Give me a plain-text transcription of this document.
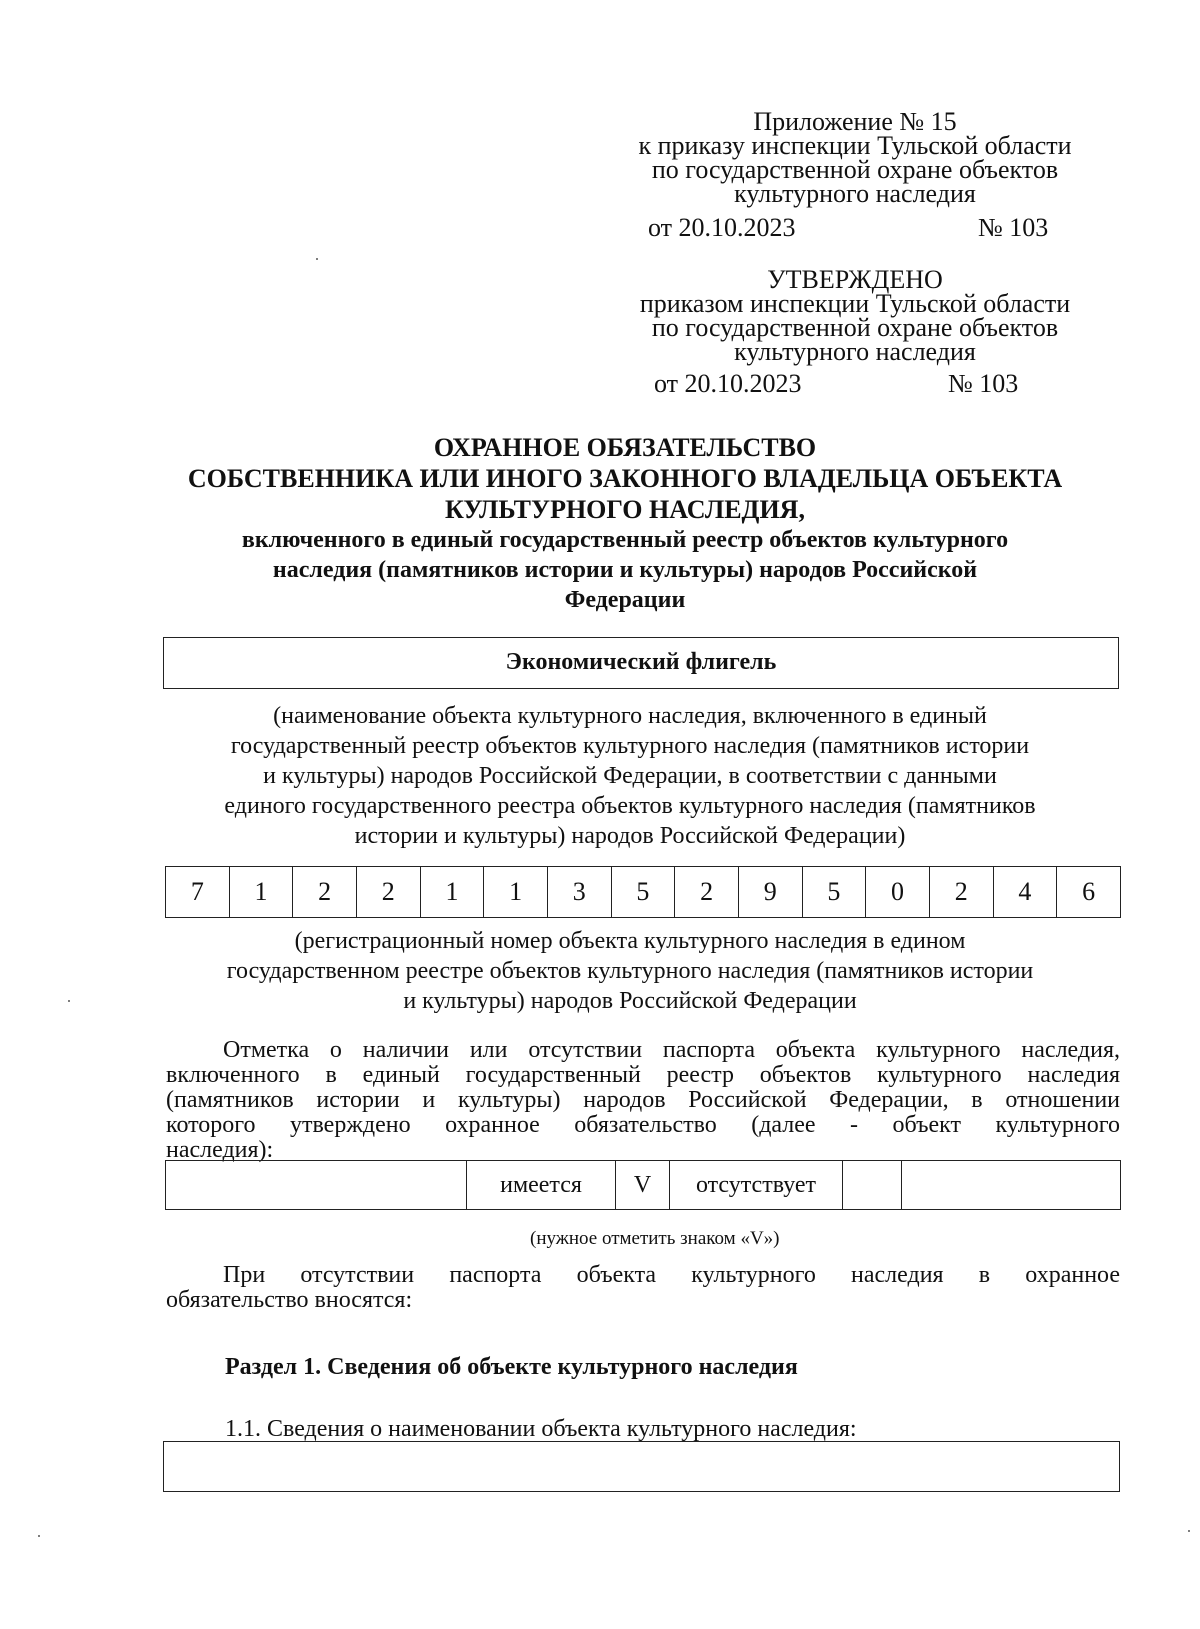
Приложение № 15
к приказу инспекции Тульской области
по государственной охране объектов
культурного наследия
от 20.10.2023	№ 103
УТВЕРЖДЕНО
приказом инспекции Тульской области
по государственной охране объектов
культурного наследия
от 20.10.2023	№ 103
ОХРАННОЕ ОБЯЗАТЕЛЬСТВО
СОБСТВЕННИКА ИЛИ ИНОГО ЗАКОННОГО ВЛАДЕЛЬЦА ОБЪЕКТА
КУЛЬТУРНОГО НАСЛЕДИЯ,
включенного в единый государственный реестр объектов культурного
наследия (памятников истории и культуры) народов Российской
Федерации
Экономический флигель
(наименование объекта культурного наследия, включенного в единый
государственный реестр объектов культурного наследия (памятников истории
и культуры) народов Российской Федерации, в соответствии с данными
единого государственного реестра объектов культурного наследия (памятников
истории и культуры) народов Российской Федерации)
7	1	2	2	1	1	3	5	2	9	5	0	2	4	6
(регистрационный номер объекта культурного наследия в едином
государственном реестре объектов культурного наследия (памятников истории
и культуры) народов Российской Федерации
Отметка о наличии или отсутствии паспорта объекта культурного наследия,
включенного в единый государственный реестр объектов культурного наследия
(памятников истории и культуры) народов Российской Федерации, в отношении
которого утверждено охранное обязательство (далее - объект культурного
наследия):
	имеется	V	отсутствует		
(нужное отметить знаком «V»)
При отсутствии паспорта объекта культурного наследия в охранное
обязательство вносятся:
Раздел 1. Сведения об объекте культурного наследия
1.1. Сведения о наименовании объекта культурного наследия:
